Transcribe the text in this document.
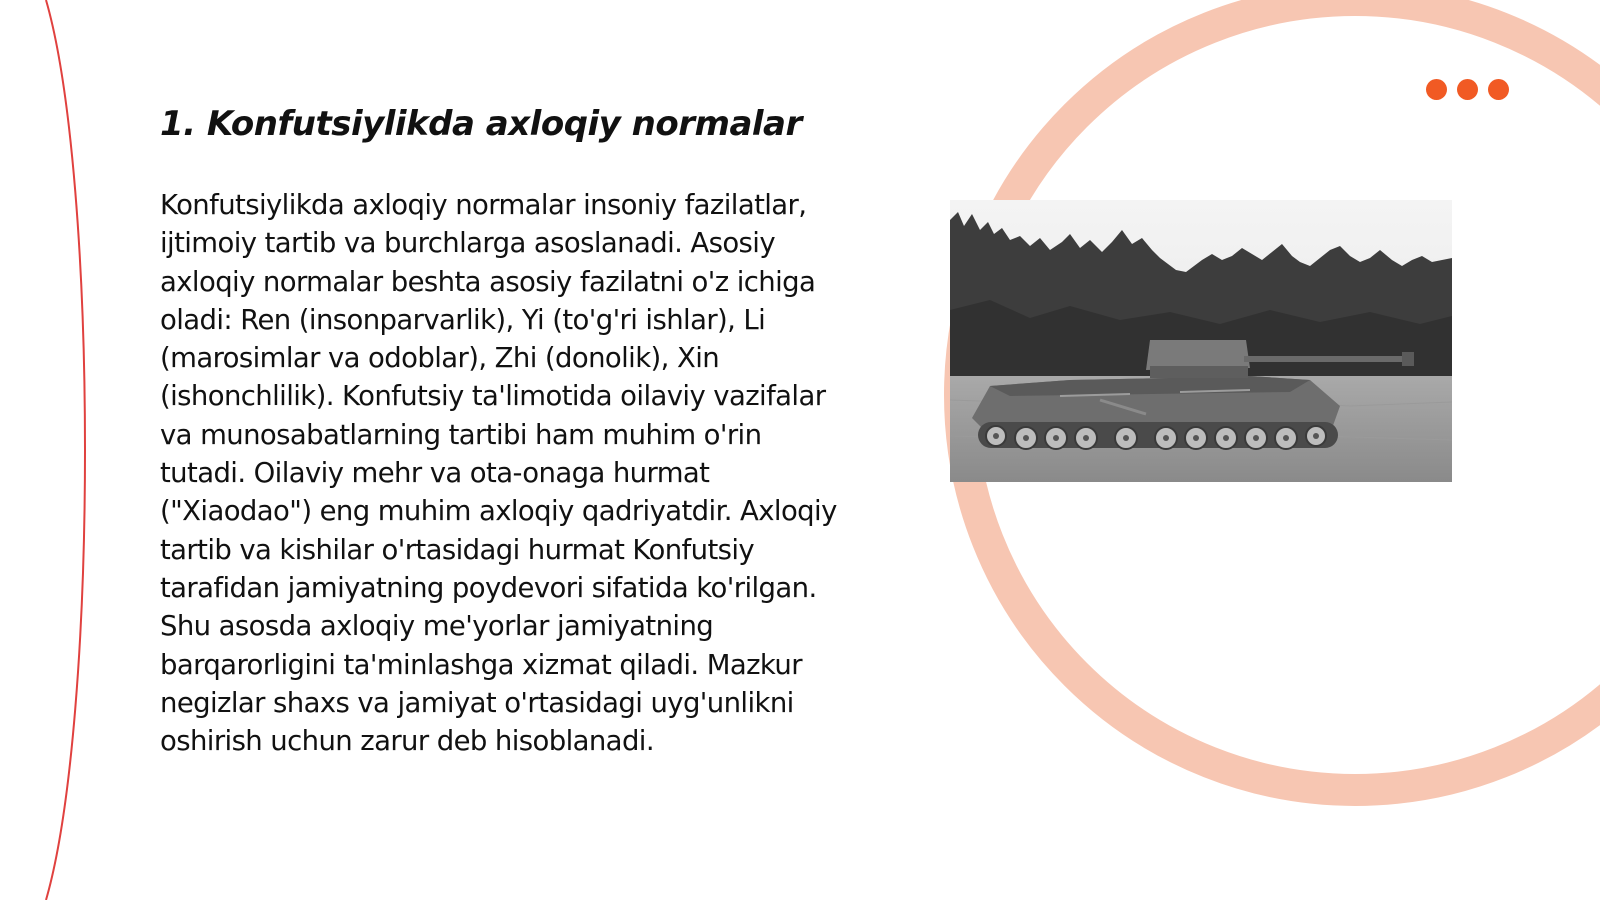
1. Konfutsiylikda axloqiy normalar

Konfutsiylikda axloqiy normalar insoniy fazilatlar, ijtimoiy tartib va burchlarga asoslanadi. Asosiy axloqiy normalar beshta asosiy fazilatni o'z ichiga oladi: Ren (insonparvarlik), Yi (to'g'ri ishlar), Li (marosimlar va odoblar), Zhi (donolik), Xin (ishonchlilik). Konfutsiy ta'limotida oilaviy vazifalar va munosabatlarning tartibi ham muhim o'rin tutadi. Oilaviy mehr va ota-onaga hurmat ("Xiaodao") eng muhim axloqiy qadriyatdir. Axloqiy tartib va kishilar o'rtasidagi hurmat Konfutsiy tarafidan jamiyatning poydevori sifatida ko'rilgan. Shu asosda axloqiy me'yorlar jamiyatning barqarorligini ta'minlashga xizmat qiladi. Mazkur negizlar shaxs va jamiyat o'rtasidagi uyg'unlikni oshirish uchun zarur deb hisoblanadi.
